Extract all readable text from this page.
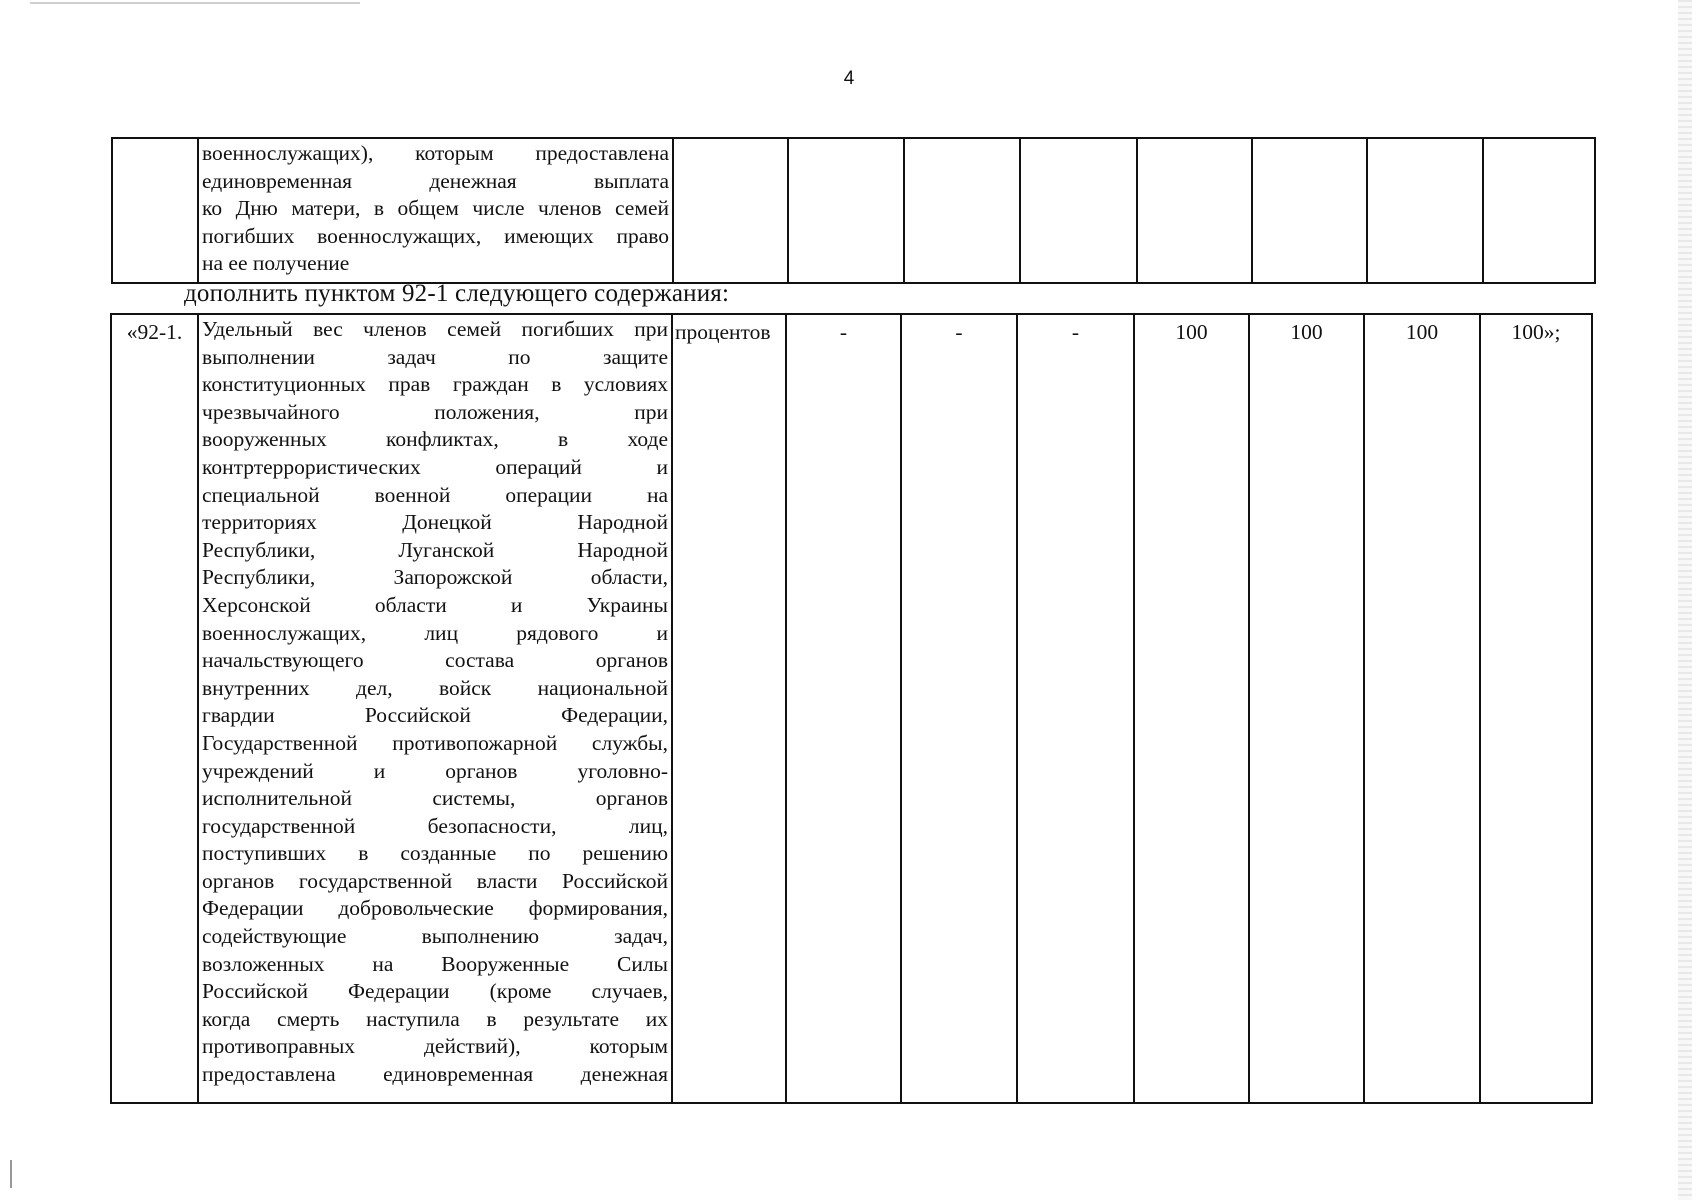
4

военнослужащих), которым предоставлена
единовременная денежная выплата
ко Дню матери, в общем числе членов семей
погибших военнослужащих, имеющих право
на ее получение

дополнить пунктом 92-1 следующего содержания:
«92-1.	Удельный вес членов семей погибших при
выполнении задач по защите
конституционных прав граждан в условиях
чрезвычайного положения, при
вооруженных конфликтах, в ходе
контртеррористических операций и
специальной военной операции на
территориях Донецкой Народной
Республики, Луганской Народной
Республики, Запорожской области,
Херсонской области и Украины
военнослужащих, лиц рядового и
начальствующего состава органов
внутренних дел, войск национальной
гвардии Российской Федерации,
Государственной противопожарной службы,
учреждений и органов уголовно-
исполнительной системы, органов
государственной безопасности, лиц,
поступивших в созданные по решению
органов государственной власти Российской
Федерации добровольческие формирования,
содействующие выполнению задач,
возложенных на Вооруженные Силы
Российской Федерации (кроме случаев,
когда смерть наступила в результате их
противоправных действий), которым
предоставлена единовременная денежная
	процентов	-	-	-	100	100	100	100»;
